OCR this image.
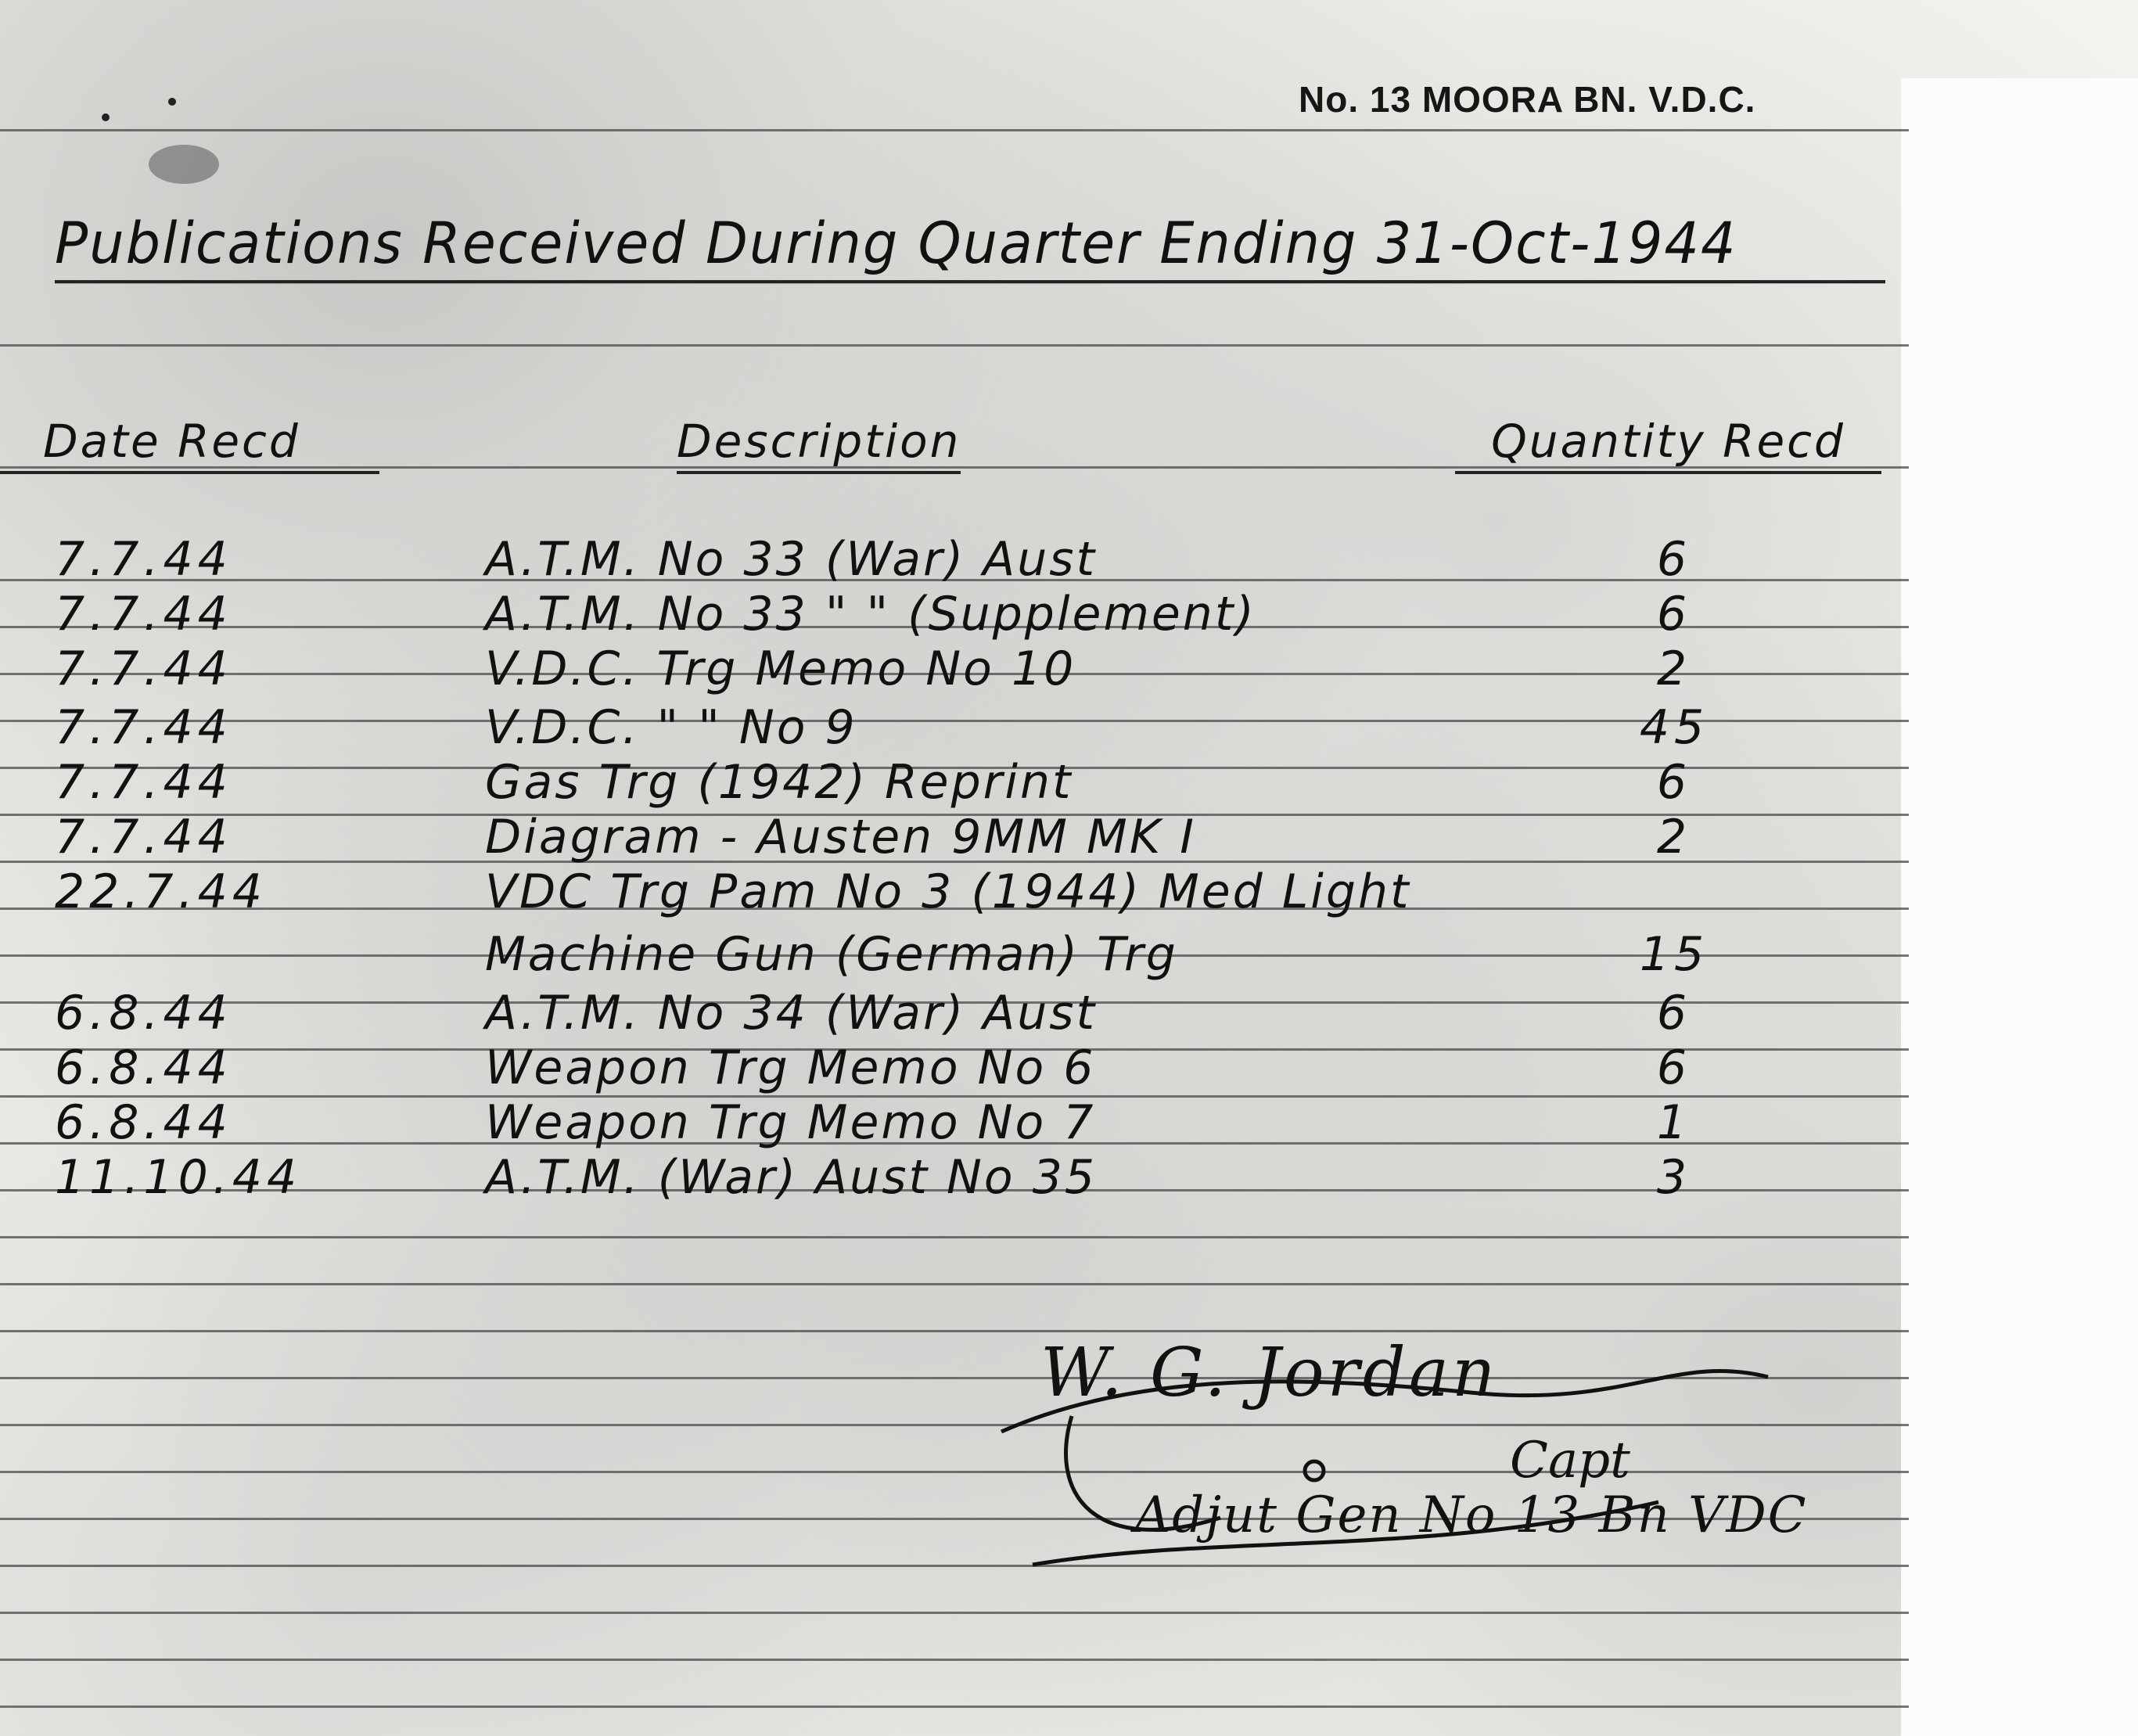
No. 13 MOORA BN. V.D.C.
Publications Received During Quarter Ending 31-Oct-1944
Date Recd	Description	Quantity Recd
7.7.44	A.T.M. No 33 (War) Aust	6
7.7.44	A.T.M. No 33 " " (Supplement)	6
7.7.44	V.D.C. Trg Memo No 10	2
7.7.44	V.D.C. " " No 9	45
7.7.44	Gas Trg (1942) Reprint	6
7.7.44	Diagram - Austen 9MM MK I	2
22.7.44	VDC Trg Pam No 3 (1944) Med Light
Machine Gun (German) Trg	15
6.8.44	A.T.M. No 34 (War) Aust	6
6.8.44	Weapon Trg Memo No 6	6
6.8.44	Weapon Trg Memo No 7	1
11.10.44	A.T.M. (War) Aust No 35	3
W. G. Jordan
Capt
Adjut Gen No 13 Bn VDC
